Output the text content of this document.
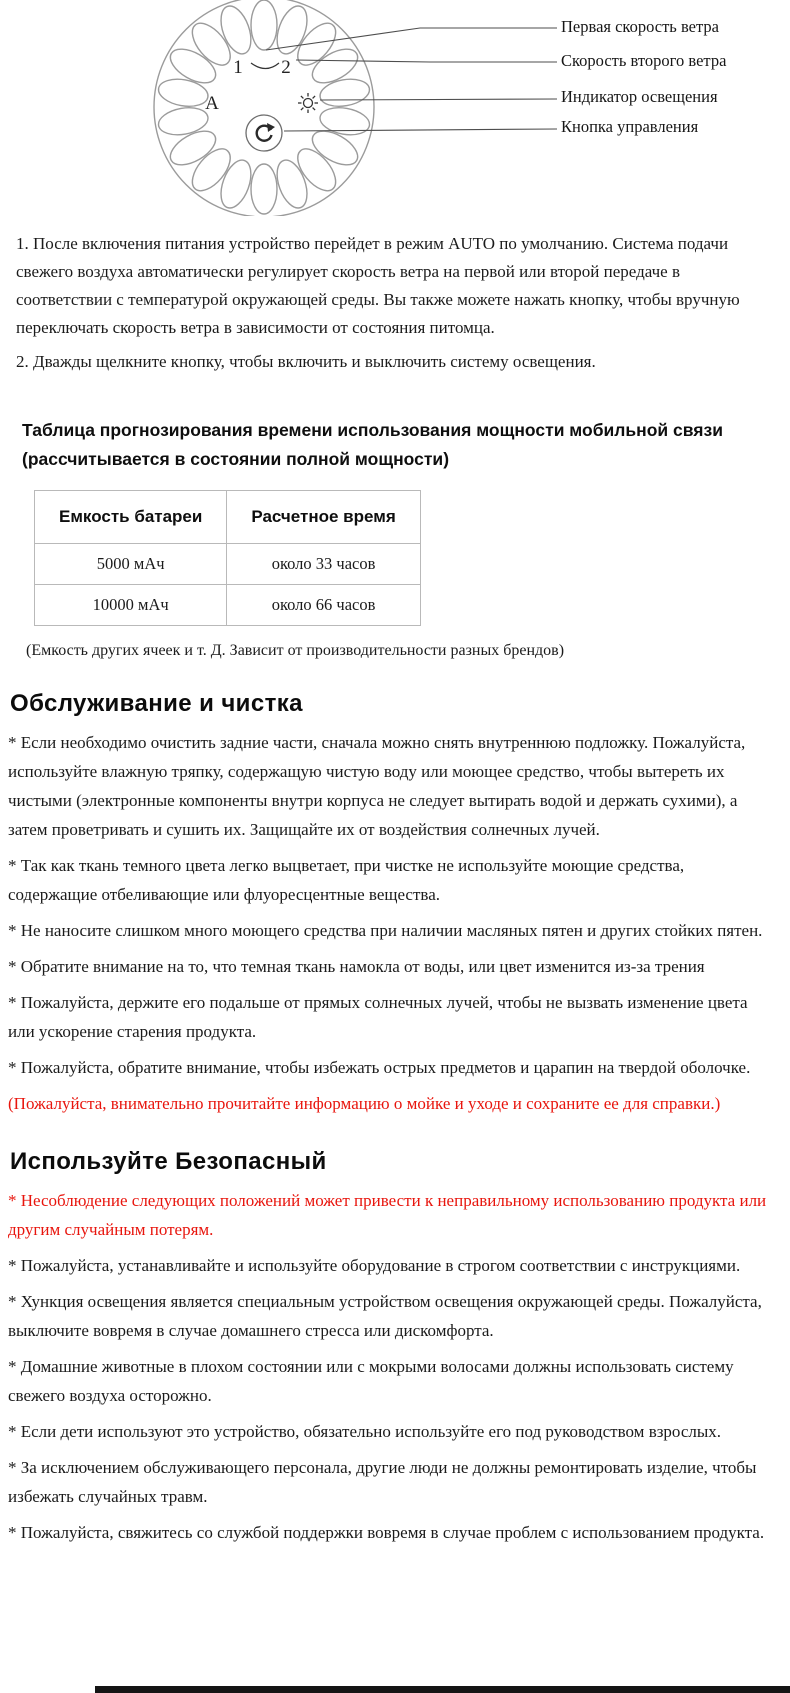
1 2
A
Первая скорость ветра
Скорость второго ветра
Индикатор освещения
Кнопка управления

1. После включения питания устройство перейдет в режим AUTO по умолчанию. Система подачи свежего воздуха автоматически регулирует скорость ветра на первой или второй передаче в соответствии с температурой окружающей среды. Вы также можете нажать кнопку, чтобы вручную переключать скорость ветра в зависимости от состояния питомца.

2. Дважды щелкните кнопку, чтобы включить и выключить систему освещения.

Таблица прогнозирования времени использования мощности мобильной связи
(рассчитывается в состоянии полной мощности)
Емкость батареи	Расчетное время
5000 мАч	около 33 часов
10000 мАч	около 66 часов
(Емкость других ячеек и т. Д. Зависит от производительности разных брендов)
Обслуживание и чистка

* Если необходимо очистить задние части, сначала можно снять внутреннюю подложку. Пожалуйста, используйте влажную тряпку, содержащую чистую воду или моющее средство, чтобы вытереть их чистыми (электронные компоненты внутри корпуса не следует вытирать водой и держать сухими), а затем проветривать и сушить их. Защищайте их от воздействия солнечных лучей.

* Так как ткань темного цвета легко выцветает, при чистке не используйте моющие средства, содержащие отбеливающие или флуоресцентные вещества.

* Не наносите слишком много моющего средства при наличии масляных пятен и других стойких пятен.

* Обратите внимание на то, что темная ткань намокла от воды, или цвет изменится из-за трения

* Пожалуйста, держите его подальше от прямых солнечных лучей, чтобы не вызвать изменение цвета или ускорение старения продукта.

* Пожалуйста, обратите внимание, чтобы избежать острых предметов и царапин на твердой оболочке.

(Пожалуйста, внимательно прочитайте информацию о мойке и уходе и сохраните ее для справки.)

Используйте Безопасный

* Несоблюдение следующих положений может привести к неправильному использованию продукта или другим случайным потерям.

* Пожалуйста, устанавливайте и используйте оборудование в строгом соответствии с инструкциями.

* Хункция освещения является специальным устройством освещения окружающей среды. Пожалуйста, выключите вовремя в случае домашнего стресса или дискомфорта.

* Домашние животные в плохом состоянии или с мокрыми волосами должны использовать систему свежего воздуха осторожно.

* Если дети используют это устройство, обязательно используйте его под руководством взрослых.

* За исключением обслуживающего персонала, другие люди не должны ремонтировать изделие, чтобы избежать случайных травм.

* Пожалуйста, свяжитесь со службой поддержки вовремя в случае проблем с использованием продукта.
